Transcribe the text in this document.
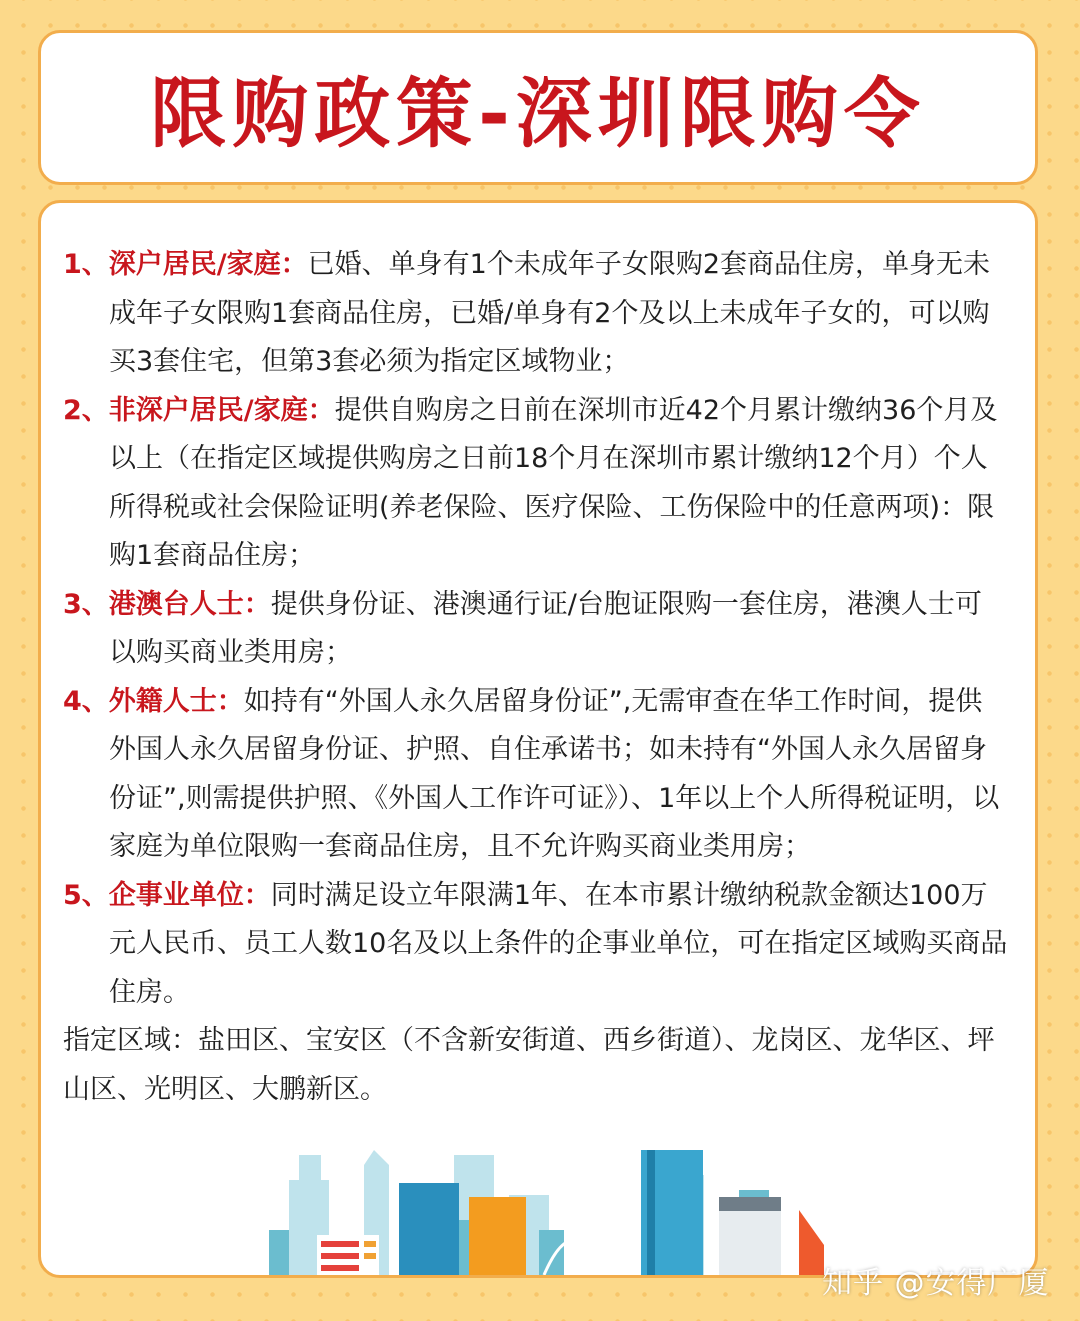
限购政策-深圳限购令
1、深户居民/家庭：已婚、单身有1个未成年子女限购2套商品住房，单身无未成年子女限购1套商品住房，已婚/单身有2个及以上未成年子女的，可以购买3套住宅，但第3套必须为指定区域物业；
2、非深户居民/家庭：提供自购房之日前在深圳市近42个月累计缴纳36个月及以上（在指定区域提供购房之日前18个月在深圳市累计缴纳12个月）个人所得税或社会保险证明(养老保险、医疗保险、工伤保险中的任意两项)：限购1套商品住房；
3、港澳台人士：提供身份证、港澳通行证/台胞证限购一套住房，港澳人士可以购买商业类用房；
4、外籍人士：如持有“外国人永久居留身份证”,无需审查在华工作时间，提供外国人永久居留身份证、护照、自住承诺书；如未持有“外国人永久居留身份证”,则需提供护照、《外国人工作许可证》）、1年以上个人所得税证明，以家庭为单位限购一套商品住房，且不允许购买商业类用房；
5、企事业单位：同时满足设立年限满1年、在本市累计缴纳税款金额达100万元人民币、员工人数10名及以上条件的企事业单位，可在指定区域购买商品住房。
指定区域：盐田区、宝安区（不含新安街道、西乡街道）、龙岗区、龙华区、坪山区、光明区、大鹏新区。
知乎 @安得广厦
